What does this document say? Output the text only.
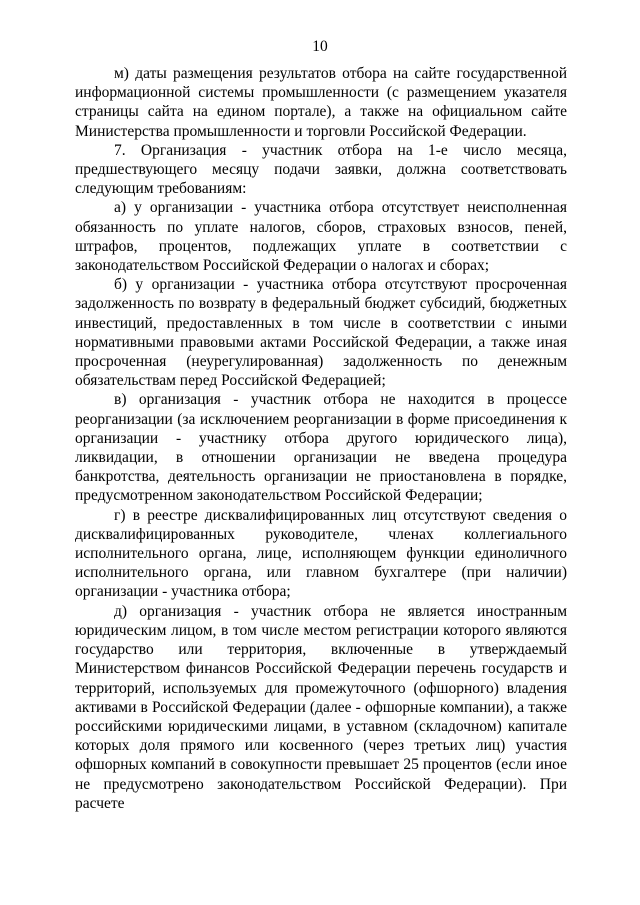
10

м) даты размещения результатов отбора на сайте государственной информационной системы промышленности (с размещением указателя страницы сайта на едином портале), а также на официальном сайте Министерства промышленности и торговли Российской Федерации.

7. Организация - участник отбора на 1-е число месяца, предшествующего месяцу подачи заявки, должна соответствовать следующим требованиям:

а) у организации - участника отбора отсутствует неисполненная обязанность по уплате налогов, сборов, страховых взносов, пеней, штрафов, процентов, подлежащих уплате в соответствии с законодательством Российской Федерации о налогах и сборах;

б) у организации - участника отбора отсутствуют просроченная задолженность по возврату в федеральный бюджет субсидий, бюджетных инвестиций, предоставленных в том числе в соответствии с иными нормативными правовыми актами Российской Федерации, а также иная просроченная (неурегулированная) задолженность по денежным обязательствам перед Российской Федерацией;

в) организация - участник отбора не находится в процессе реорганизации (за исключением реорганизации в форме присоединения к организации - участнику отбора другого юридического лица), ликвидации, в отношении организации не введена процедура банкротства, деятельность организации не приостановлена в порядке, предусмотренном законодательством Российской Федерации;

г) в реестре дисквалифицированных лиц отсутствуют сведения о дисквалифицированных руководителе, членах коллегиального исполнительного органа, лице, исполняющем функции единоличного исполнительного органа, или главном бухгалтере (при наличии) организации - участника отбора;

д) организация - участник отбора не является иностранным юридическим лицом, в том числе местом регистрации которого являются государство или территория, включенные в утверждаемый Министерством финансов Российской Федерации перечень государств и территорий, используемых для промежуточного (офшорного) владения активами в Российской Федерации (далее - офшорные компании), а также российскими юридическими лицами, в уставном (складочном) капитале которых доля прямого или косвенного (через третьих лиц) участия офшорных компаний в совокупности превышает 25 процентов (если иное не предусмотрено законодательством Российской Федерации). При расчете
